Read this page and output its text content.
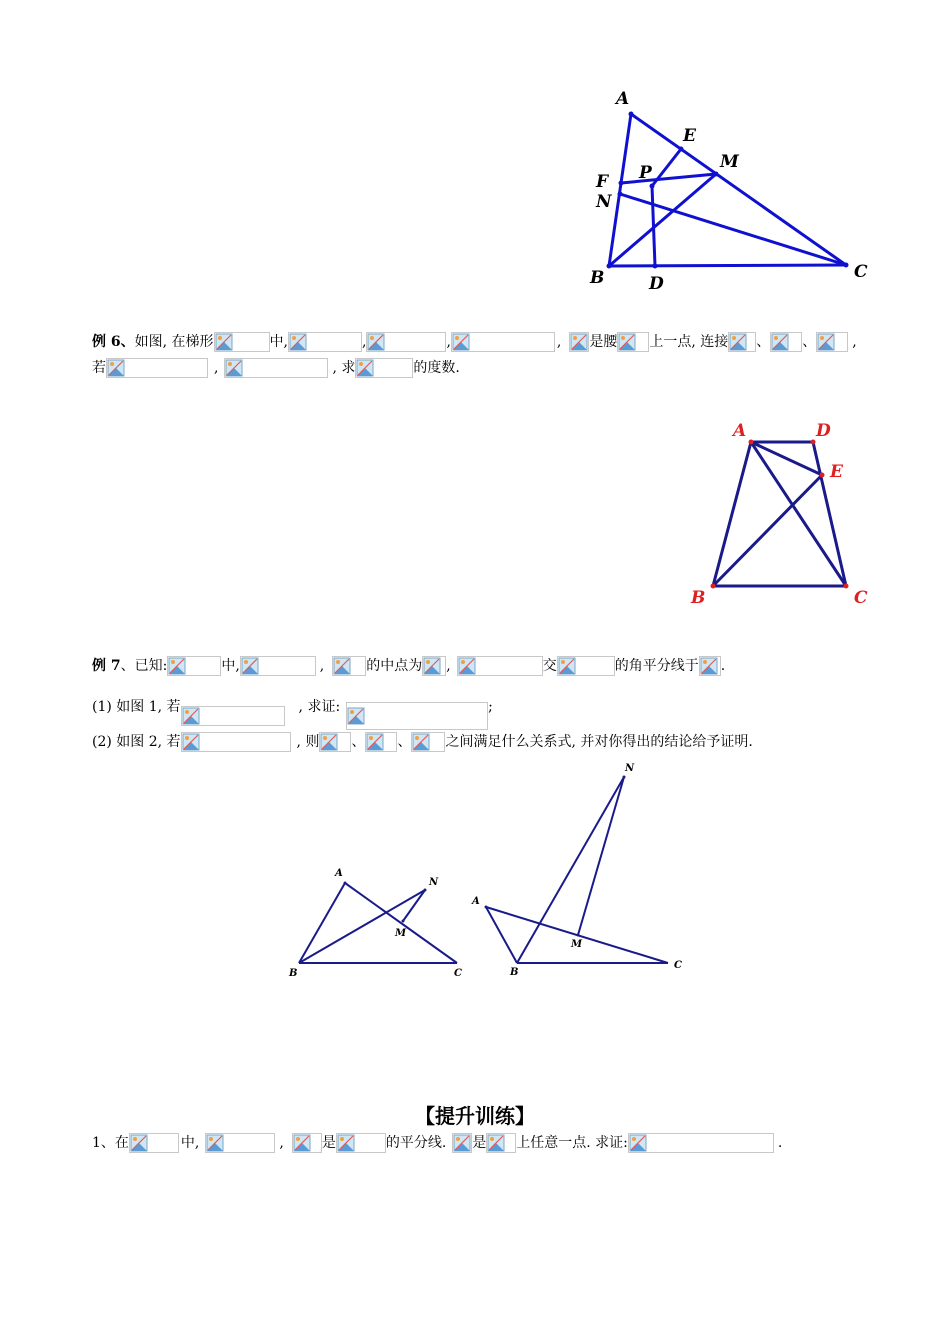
A
E
M
P
F
N
B	D
C
例 6、 如图, 在梯形	中,	,	,	, 是腰 上一点, 连接 、 、	,
若	,	, 求	的度数.
A	D
E
B	C
例 7 、已知:	中,	,	的中点为 ,	交	的角平分线于 .
(1) 如图 1, 若	, 求证:	;
(2) 如图 2, 若	, 则 、 、 之间满足什么关系式, 并对你得出的结论给予证明.
A
N
M
B	C
N
A
M
B
C
【提升训练】
1、在	中,	,	是	的平分线. 是 上任意一点. 求证:	.
